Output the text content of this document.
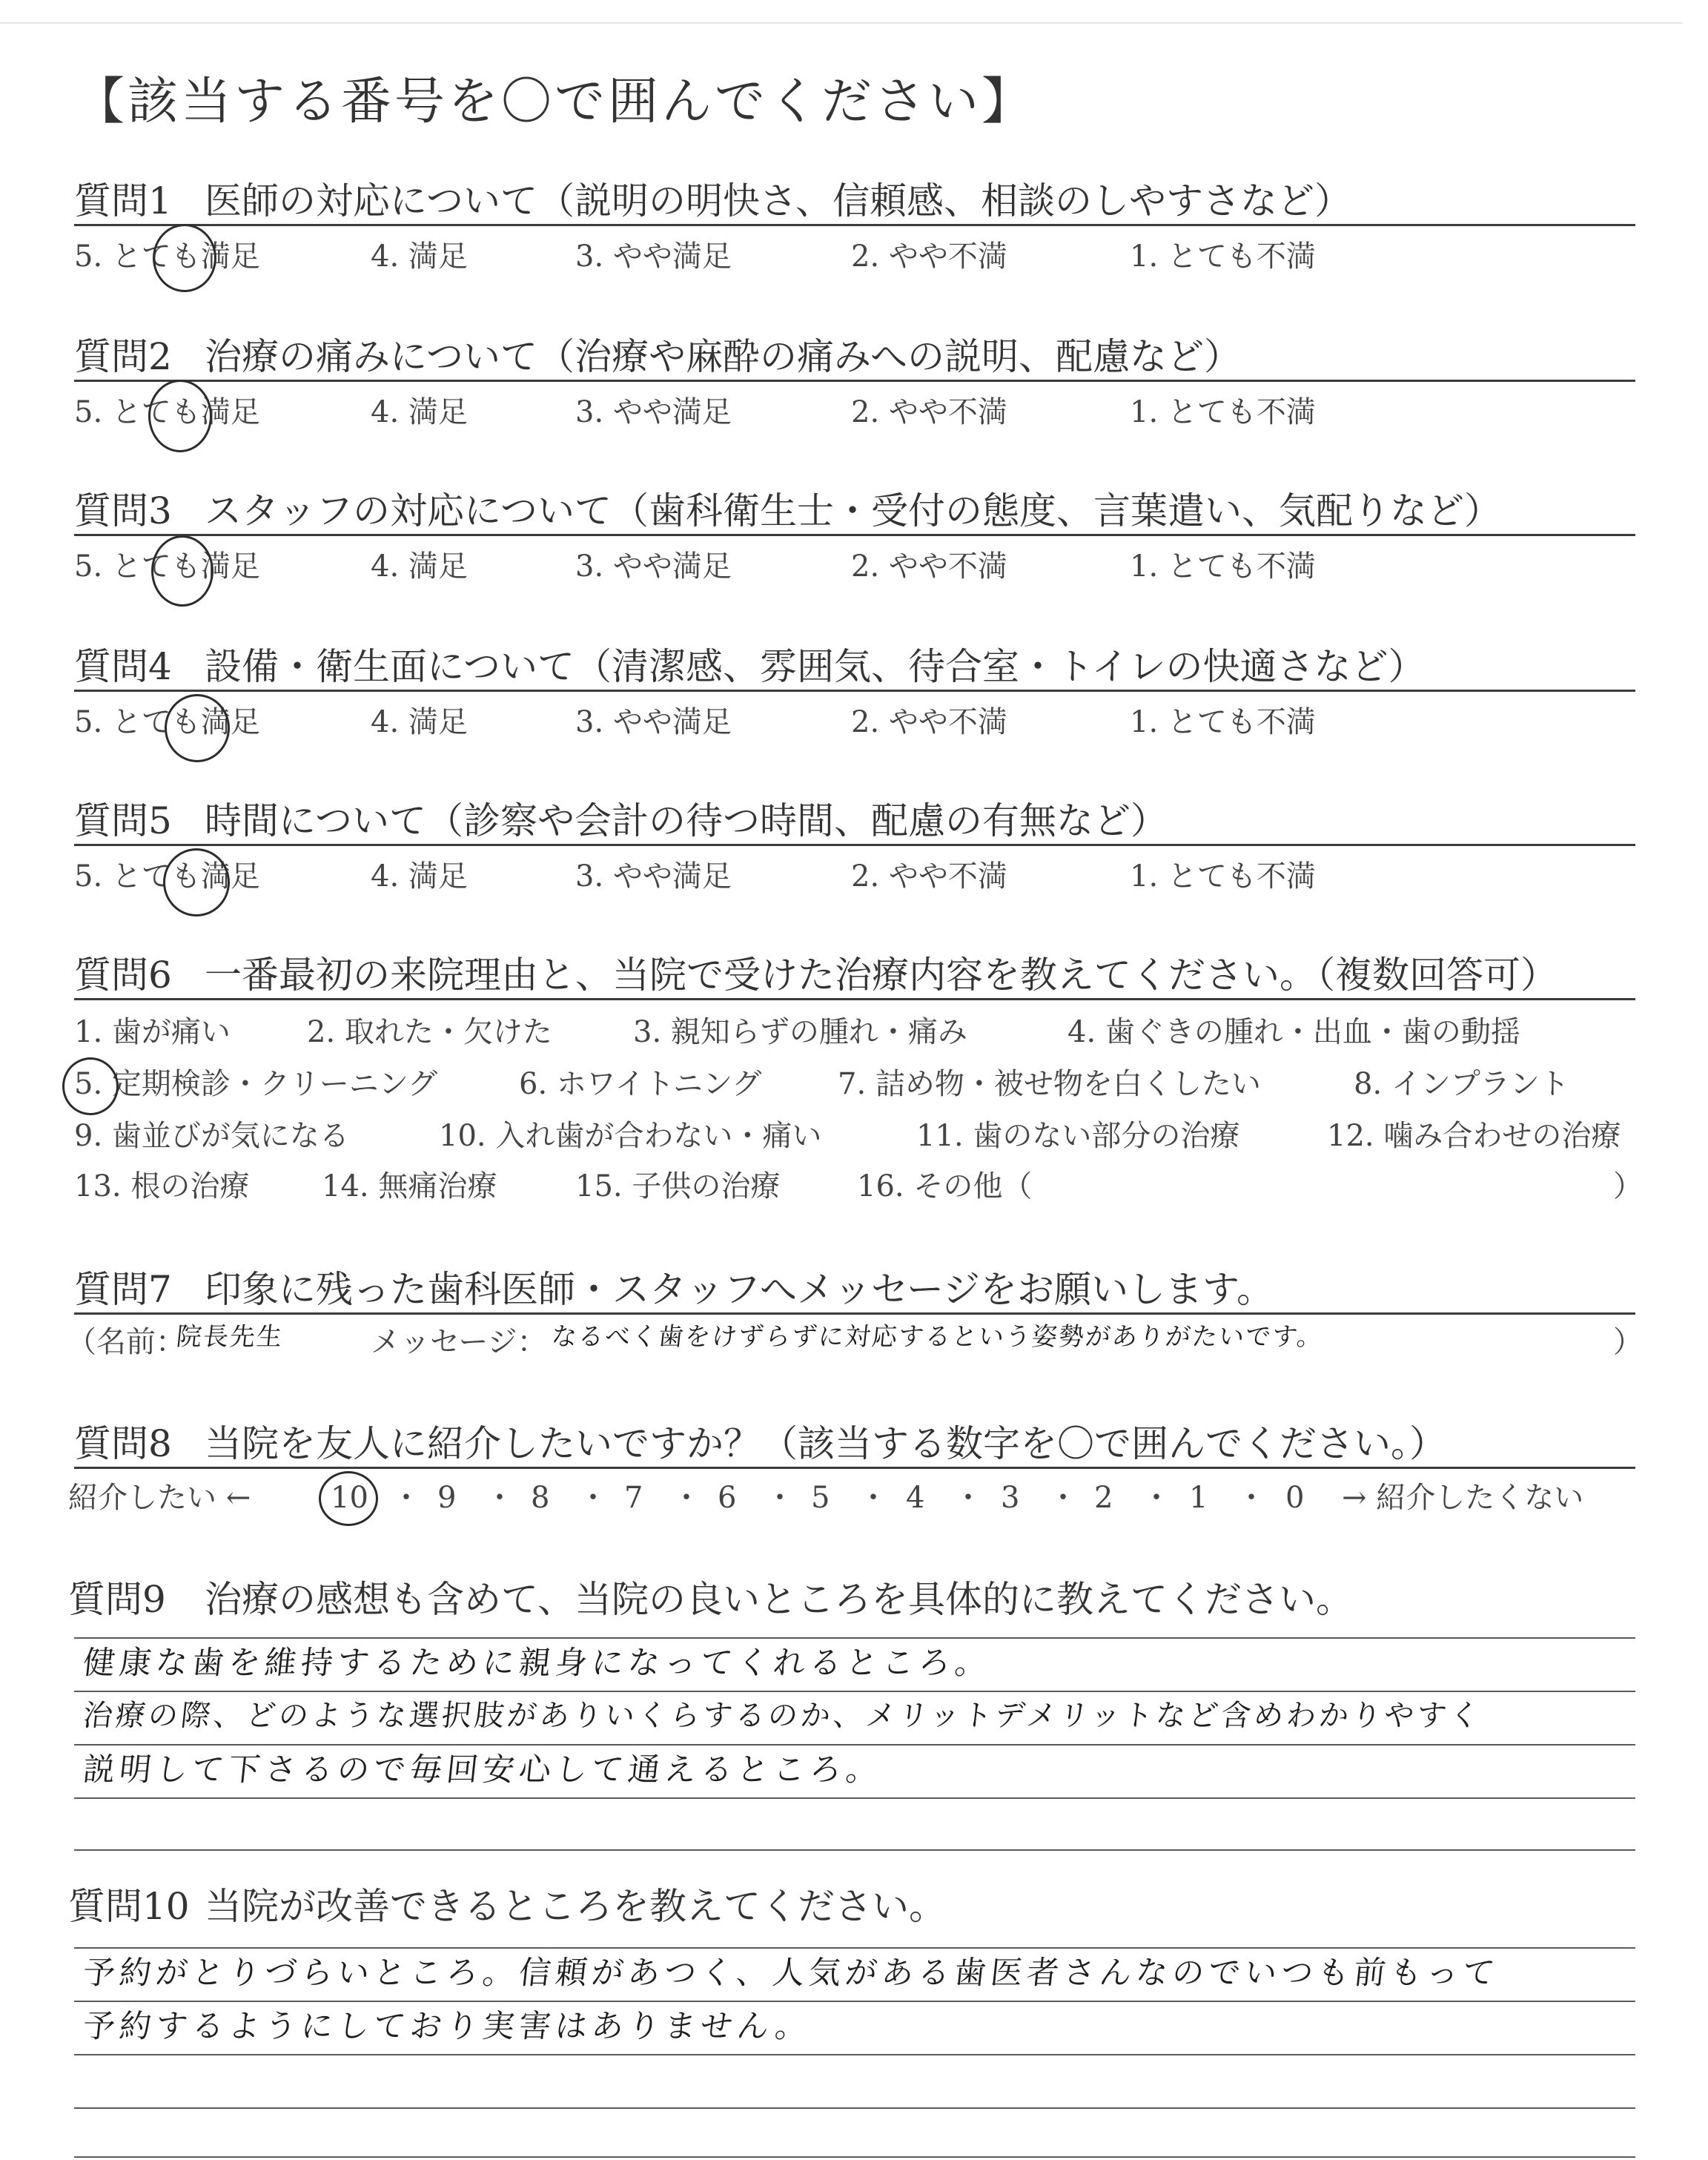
【該当する番号を〇で囲んでください】
質問1 医師の対応について（説明の明快さ、信頼感、相談のしやすさなど）
5. とても満足	4. 満足	3. やや満足	2. やや不満	1. とても不満
質問2 治療の痛みについて（治療や麻酔の痛みへの説明、配慮など）
5. とても満足	4. 満足	3. やや満足	2. やや不満	1. とても不満
質問3 スタッフの対応について（歯科衛生士・受付の態度、言葉遣い、気配りなど）
5. とても満足	4. 満足	3. やや満足	2. やや不満	1. とても不満
質問4 設備・衛生面について（清潔感、雰囲気、待合室・トイレの快適さなど）
5. とても満足	4. 満足	3. やや満足	2. やや不満	1. とても不満
質問5 時間について（診察や会計の待つ時間、配慮の有無など）
5. とても満足	4. 満足	3. やや満足	2. やや不満	1. とても不満
質問6 一番最初の来院理由と、当院で受けた治療内容を教えてください。（複数回答可）
1. 歯が痛い	2. 取れた・欠けた	3. 親知らずの腫れ・痛み	4. 歯ぐきの腫れ・出血・歯の動揺
5. 定期検診・クリーニング	6. ホワイトニング	7. 詰め物・被せ物を白くしたい	8. インプラント
9. 歯並びが気になる	10. 入れ歯が合わない・痛い	11. 歯のない部分の治療	12. 噛み合わせの治療
13. 根の治療 14. 無痛治療	15. 子供の治療	16. その他（	）
質問7 印象に残った歯科医師・スタッフへメッセージをお願いします。
（名前：
院長先生	メッセージ： なるべく歯をけずらずに対応するという姿勢がありがたいです。	）
質問8 当院を友人に紹介したいですか？（該当する数字を〇で囲んでください。）
紹介したい ←	10 ・ 9 ・ 8 ・ 7 ・ 6 ・ 5 ・ 4 ・ 3 ・ 2 ・ 1 ・ 0 → 紹介したくない
質問9 治療の感想も含めて、当院の良いところを具体的に教えてください。
健康な歯を維持するために親身になってくれるところ。
治療の際、どのような選択肢がありいくらするのか、メリットデメリットなど含めわかりやすく
説明して下さるので毎回安心して通えるところ。
質問10 当院が改善できるところを教えてください。
予約がとりづらいところ。信頼があつく、人気がある歯医者さんなのでいつも前もって
予約するようにしており実害はありません。
